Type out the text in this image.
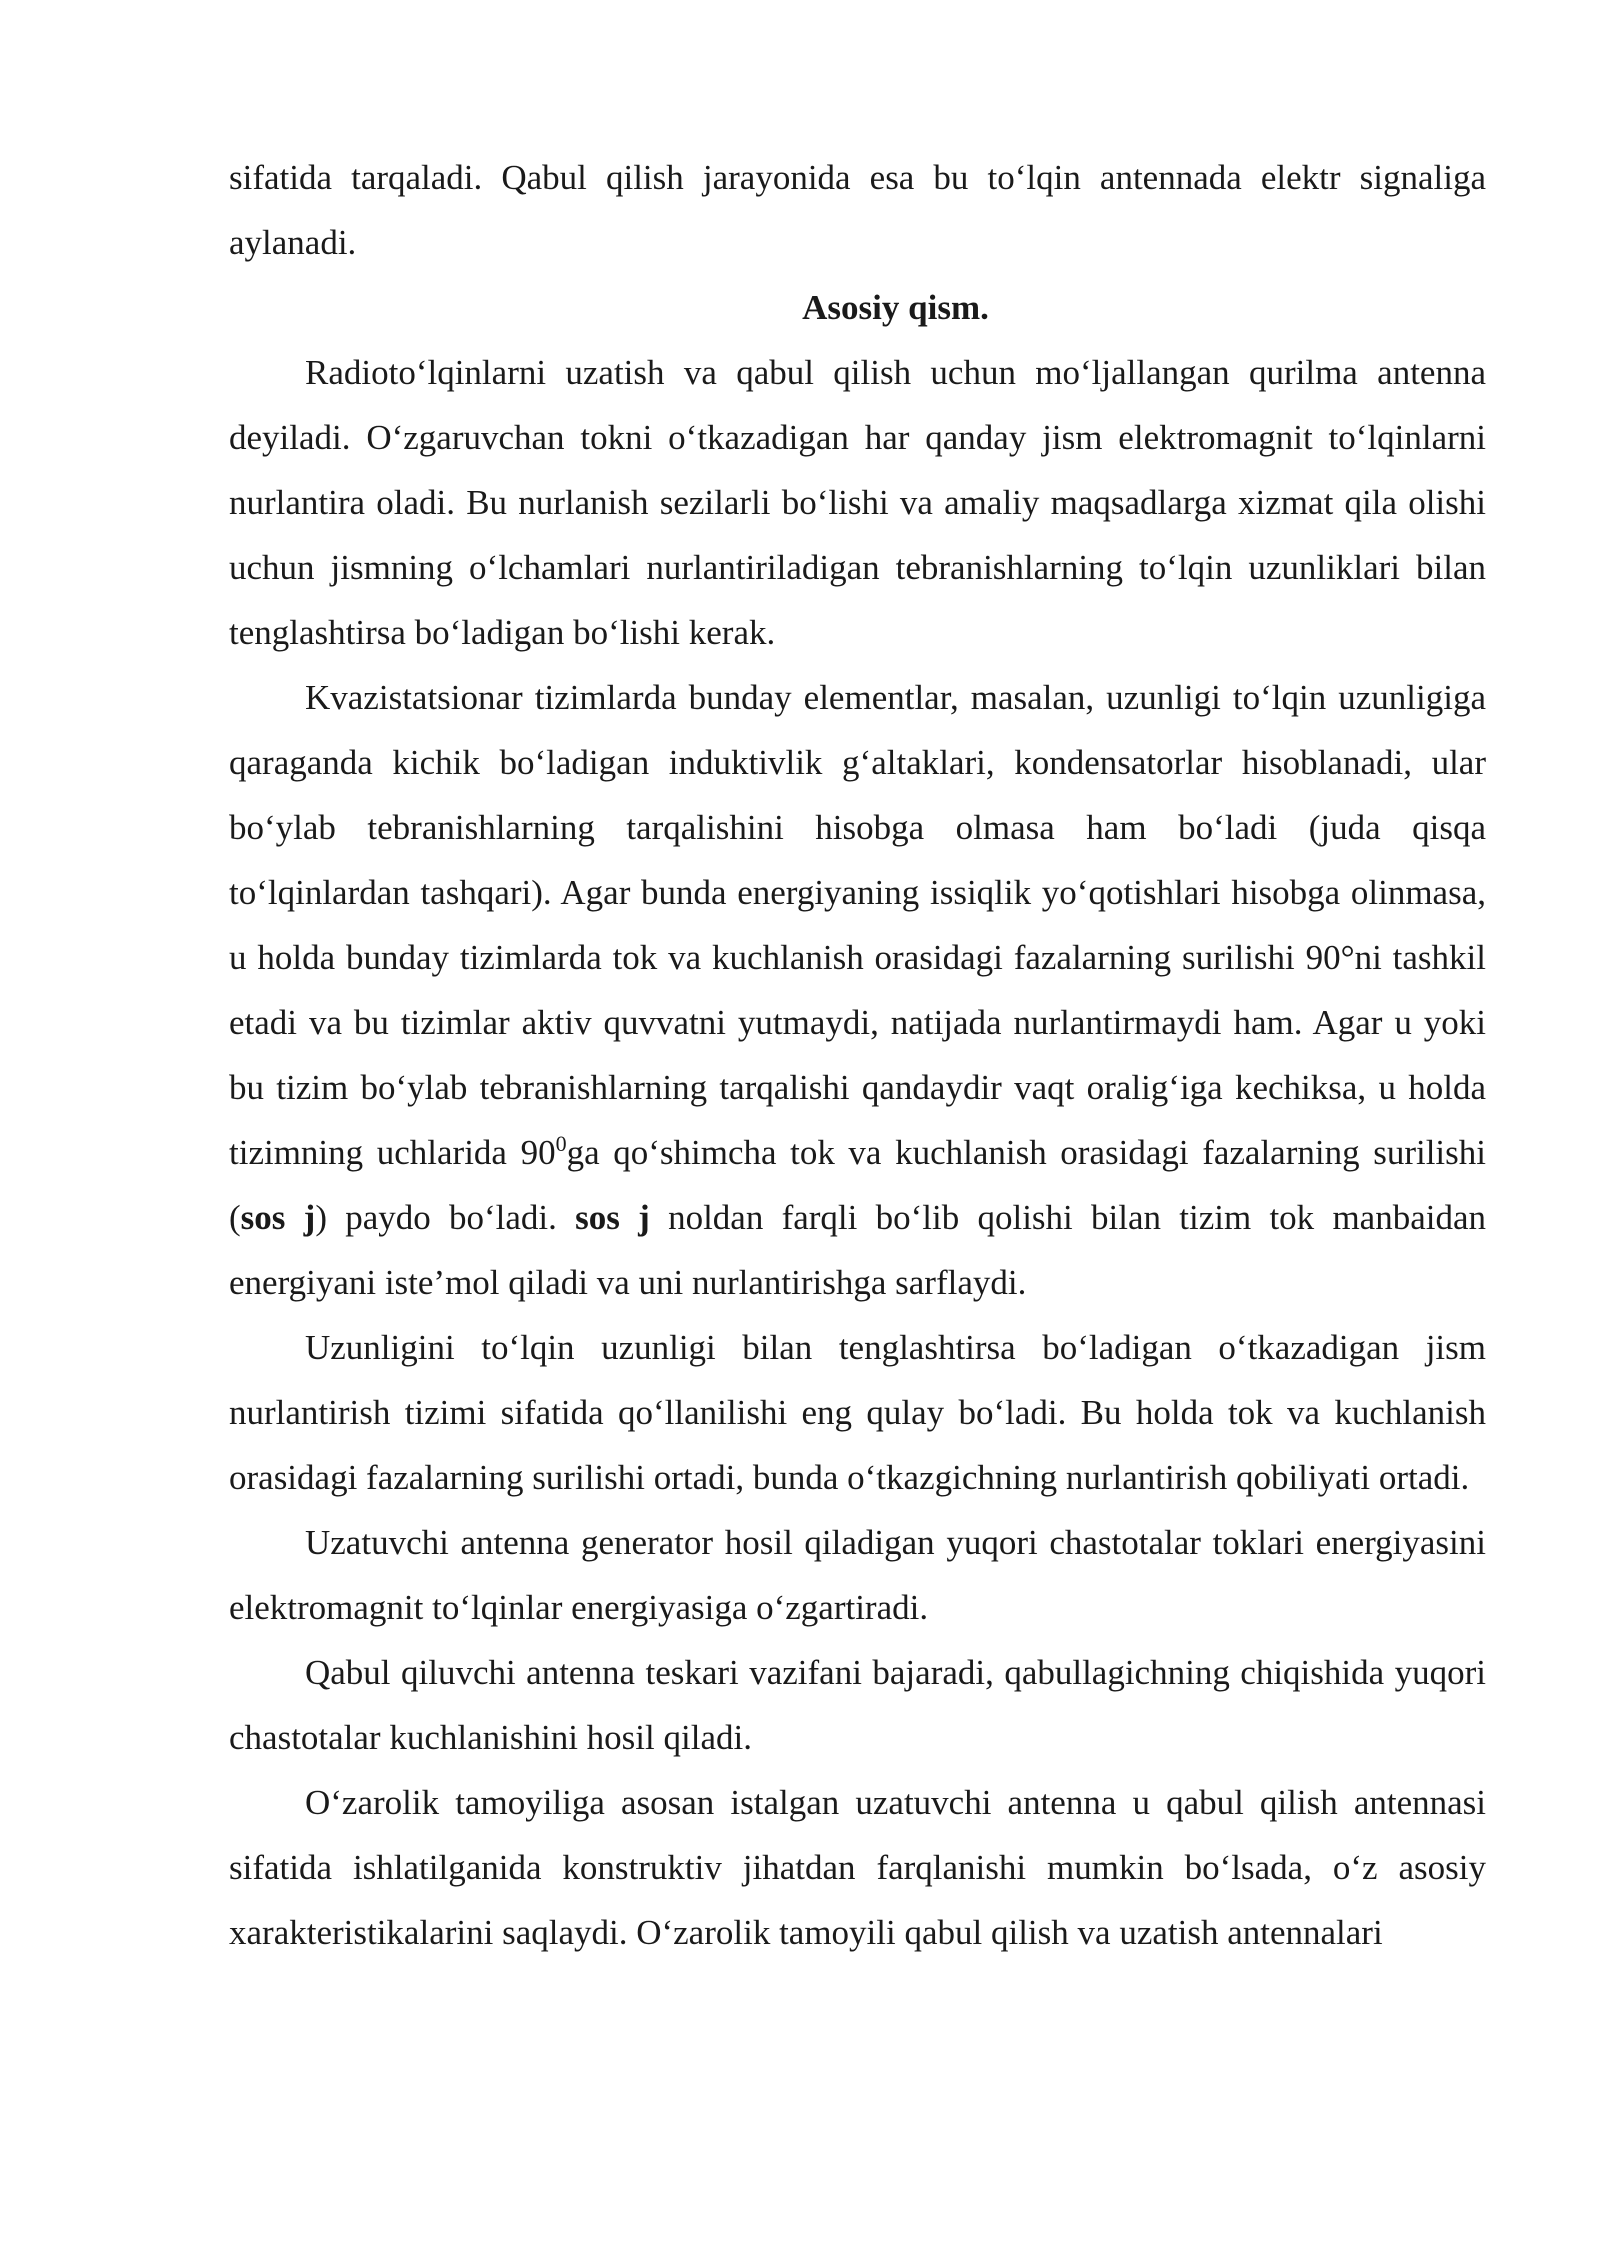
sifatida tarqaladi. Qabul qilish jarayonida esa bu to‘lqin antennada elektr signaliga aylanadi.

Asosiy qism.

Radioto‘lqinlarni uzatish va qabul qilish uchun mo‘ljallangan qurilma antenna deyiladi. O‘zgaruvchan tokni o‘tkazadigan har qanday jism elektromagnit to‘lqinlarni nurlantira oladi. Bu nurlanish sezilarli bo‘lishi va amaliy maqsadlarga xizmat qila olishi uchun jismning o‘lchamlari nurlantiriladigan tebranishlarning to‘lqin uzunliklari bilan tenglashtirsa bo‘ladigan bo‘lishi kerak.

Kvazistatsionar tizimlarda bunday elementlar, masalan, uzunligi to‘lqin uzunligiga qaraganda kichik bo‘ladigan induktivlik g‘altaklari, kondensatorlar hisoblanadi, ular bo‘ylab tebranishlarning tarqalishini hisobga olmasa ham bo‘ladi (juda qisqa to‘lqinlardan tashqari). Agar bunda energiyaning issiqlik yo‘qotishlari hisobga olinmasa, u holda bunday tizimlarda tok va kuchlanish orasidagi fazalarning surilishi 90°ni tashkil etadi va bu tizimlar aktiv quvvatni yutmaydi, natijada nurlantirmaydi ham. Agar u yoki bu tizim bo‘ylab tebranishlarning tarqalishi qandaydir vaqt oralig‘iga kechiksa, u holda tizimning uchlarida $90^0ga$ qo‘shimcha tok va kuchlanish orasidagi fazalarning surilishi (sos j) paydo bo‘ladi. sos j noldan farqli bo‘lib qolishi bilan tizim tok manbaidan energiyani iste’mol qiladi va uni nurlantirishga sarflaydi.

Uzunligini to‘lqin uzunligi bilan tenglashtirsa bo‘ladigan o‘tkazadigan jism nurlantirish tizimi sifatida qo‘llanilishi eng qulay bo‘ladi. Bu holda tok va kuchlanish orasidagi fazalarning surilishi ortadi, bunda o‘tkazgichning nurlantirish qobiliyati ortadi.

Uzatuvchi antenna generator hosil qiladigan yuqori chastotalar toklari energiyasini elektromagnit to‘lqinlar energiyasiga o‘zgartiradi.

Qabul qiluvchi antenna teskari vazifani bajaradi, qabullagichning chiqishida yuqori chastotalar kuchlanishini hosil qiladi.

O‘zarolik tamoyiliga asosan istalgan uzatuvchi antenna u qabul qilish antennasi sifatida ishlatilganida konstruktiv jihatdan farqlanishi mumkin bo‘lsada, o‘z asosiy xarakteristikalarini saqlaydi. O‘zarolik tamoyili qabul qilish va uzatish antennalari
